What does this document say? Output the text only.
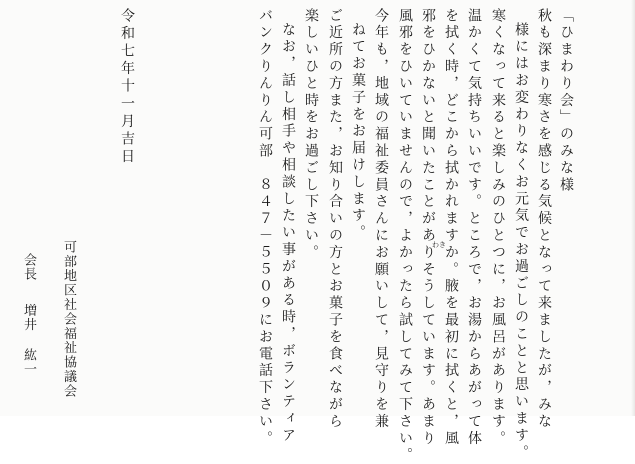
「ひまわり会」のみな様
秋も深まり寒さを感じる気候となって来ましたが，みな
様にはお変わりなくお元気でお過ごしのことと思います。
寒くなって来ると楽しみのひとつに，お風呂があります。
温かくて気持ちいいです。ところで，お湯からあがって体
を拭く時，どこから拭かれますか。腋を最初に拭くと，風
邪をひかないと聞いたことがありそうしています。あまり
風邪をひいていませんので，よかったら試してみて下さい。
今年も，地域の福祉委員さんにお願いして，見守りを兼
ねてお菓子をお届けします。
ご近所の方また，お知り合いの方とお菓子を食べながら
楽しいひと時をお過ごし下さい。
なお，話し相手や相談したい事がある時，ボランティア
バンクりんりん可部　８４７－５５０９にお電話下さい。	わき
令和七年十一月吉日
可部地区社会福祉協議会
会長増井紘一
